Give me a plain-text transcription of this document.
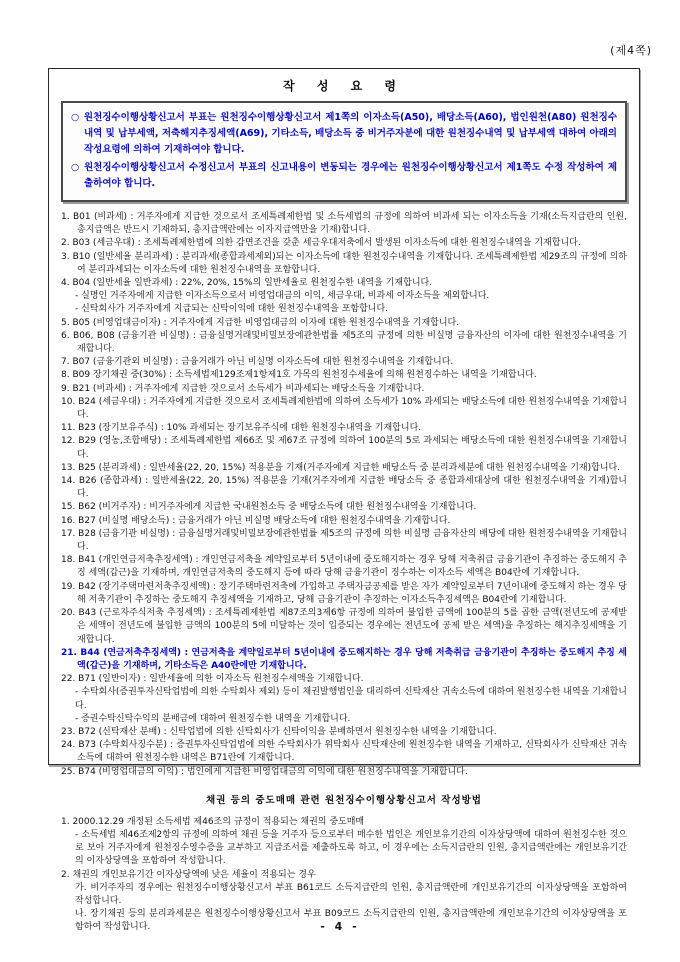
(제4쪽)
작 성 요 령
○ 원천징수이행상황신고서 부표는 원천징수이행상황신고서 제1쪽의 이자소득(A50), 배당소득(A60), 법인원천(A80) 원천징수내역 및 납부세액, 저축해지추징세액(A69), 기타소득, 배당소득 중 비거주자분에 대한 원천징수내역 및 납부세액 대하여 아래의 작성요령에 의하여 기재하여야 합니다.
○ 원천징수이행상황신고서 수정신고서 부표의 신고내용이 변동되는 경우에는 원천징수이행상황신고서 제1쪽도 수정 작성하여 제출하여야 합니다.
1. B01 (비과세) : 거주자에게 지급한 것으로서 조세특례제한법 및 소득세법의 규정에 의하여 비과세 되는 이자소득을 기재(소득지급란의 인원, 총지급액은 반드시 기재하되, 총지급액란에는 이자지급액만을 기재)합니다.
2. B03 (세금우대) : 조세특례제한법에 의한 감면조건을 갖춘 세금우대저축에서 발생된 이자소득에 대한 원천징수내역을 기재합니다.
3. B10 (일반세율 분리과세) : 분리과세(종합과세제외)되는 이자소득에 대한 원천징수내역을 기재합니다. 조세특례제한법 제29조의 규정에 의하여 분리과세되는 이자소득에 대한 원천징수내역을 포함합니다.
4. B04 (일반세율 일반과세) : 22%, 20%, 15%의 일반세율로 원천징수한 내역을 기재합니다.
- 실명인 거주자에게 지급한 이자소득으로서 비영업대금의 이익, 세금우대, 비과세 이자소득을 제외합니다.
- 신탁회사가 거주자에게 지급되는 신탁이익에 대한 원천징수내역을 포함합니다.
5. B05 (비영업대금이자) : 거주자에게 지급한 비영업대금의 이자에 대한 원천징수내역을 기재합니다.
6. B06, B08 (금융기관 비실명) : 금융실명거래및비밀보장에관한법률 제5조의 규정에 의한 비실명 금융자산의 이자에 대한 원천징수내역을 기재합니다.
7. B07 (금융기관외 비실명) : 금융거래가 아닌 비실명 이자소득에 대한 원천징수내역을 기재합니다.
8. B09 장기채권 중(30%) : 소득세법제129조제1항제1호 가목의 원천징수세율에 의해 원천징수하는 내역을 기재합니다.
9. B21 (비과세) : 거주자에게 지급한 것으로서 소득세가 비과세되는 배당소득을 기재합니다.
10. B24 (세금우대) : 거주자에게 지급한 것으로서 조세특례제한법에 의하여 소득세가 10% 과세되는 배당소득에 대한 원천징수내역을 기재합니다.
11. B23 (장기보유주식) : 10% 과세되는 장기보유주식에 대한 원천징수내역을 기재합니다.
12. B29 (영농,조합배당) : 조세특례제한법 제66조 및 제67조 규정에 의하여 100분의 5로 과세되는 배당소득에 대한 원천징수내역을 기재합니다.
13. B25 (분리과세) : 일반세율(22, 20, 15%) 적용분을 기재(거주자에게 지급한 배당소득 중 분리과세분에 대한 원천징수내역을 기재)합니다.
14. B26 (종합과세) : 일반세율(22, 20, 15%) 적용분을 기재(거주자에게 지급한 배당소득 중 종합과세대상에 대한 원천징수내역을 기재)합니다.
15. B62 (비거주자) : 비거주자에게 지급한 국내원천소득 중 배당소득에 대한 원천징수내역을 기재합니다.
16. B27 (비실명 배당소득) : 금융거래가 아닌 비실명 배당소득에 대한 원천징수내역을 기재합니다.
17. B28 (금융기관 비실명) : 금융실명거래및비밀보장에관한법률 제5조의 규정에 의한 비실명 금융자산의 배당에 대한 원천징수내역을 기재합니다.
18. B41 (개인연금저축추징세액) : 개인연금저축을 계약일로부터 5년이내에 중도해지하는 경우 당해 저축취급 금융기관이 추징하는 중도해지 추징 세액(갑근)을 기재하며, 개인연금저축의 중도해지 등에 따라 당해 금융기관이 징수하는 이자소득 세액은 B04란에 기재합니다.
19. B42 (장기주택마련저축추징세액) : 장기주택마련저축에 가입하고 주택자금공제를 받은 자가 계약일로부터 7년이내에 중도해지 하는 경우 당해 저축기관이 추징하는 중도해지 추징세액을 기재하고, 당해 금융기관이 추징하는 이자소득추징세액은 B04란에 기재합니다.
20. B43 (근로자주식저축 추징세액) : 조세특례제한법 제87조의3제6항 규정에 의하여 불입한 금액에 100분의 5를 곱한 금액(전년도에 공제받은 세액이 전년도에 불입한 금액의 100분의 5에 미달하는 것이 입증되는 경우에는 전년도에 공제 받은 세액)을 추징하는 해지추징세액을 기재합니다.
21. B44 (연금저축추징세액) : 연금저축을 계약일로부터 5년이내에 중도해지하는 경우 당해 저축취급 금융기관이 추징하는 중도해지 추징 세액(갑근)을 기재하며, 기타소득은 A40란에만 기재합니다.
22. B71 (일반이자) : 일반세율에 의한 이자소득 원천징수세액을 기재합니다.
- 수탁회사(증권투자신탁업법에 의한 수탁회사 제외) 등이 채권발행법인을 대리하여 신탁재산 귀속소득에 대하여 원천징수한 내역을 기재합니다.
- 증권수탁신탁수익의 분배금에 대하여 원천징수한 내역을 기재합니다.
23. B72 (신탁재산 분배) : 신탁업법에 의한 신탁회사가 신탁이익을 분배하면서 원천징수한 내역을 기재합니다.
24. B73 (수탁회사징수분) : 증권투자신탁업법에 의한 수탁회사가 위탁회사 신탁재산에 원천징수한 내역을 기재하고, 신탁회사가 신탁재산 귀속소득에 대하여 원천징수한 내역은 B71란에 기재합니다.
25. B74 (비영업대금의 이익) : 법인에게 지급한 비영업대금의 이익에 대한 원천징수내역을 기재합니다.
채권 등의 중도매매 관련 원천징수이행상황신고서 작성방법
1. 2000.12.29 개정된 소득세법 제46조의 규정이 적용되는 채권의 중도매매
- 소득세법 제46조제2항의 규정에 의하여 채권 등을 거주자 등으로부터 매수한 법인은 개인보유기간의 이자상당액에 대하여 원천징수한 것으로 보아 거주자에게 원천징수영수증을 교부하고 지급조서를 제출하도록 하고, 이 경우에는 소득지급란의 인원, 총지급액란에는 개인보유기간의 이자상당액을 포함하여 작성합니다.
2. 채권의 개인보유기간 이자상당액에 낮은 세율이 적용되는 경우
가. 비거주자의 경우에는 원천징수이행상황신고서 부표 B61코드 소득지급란의 인원, 총지급액란에 개인보유기간의 이자상당액을 포함하여 작성합니다.
나. 장기채권 등의 분리과세분은 원천징수이행상황신고서 부표 B09코드 소득지급란의 인원, 총지급액란에 개인보유기간의 이자상당액을 포함하여 작성합니다.	- 4 -
